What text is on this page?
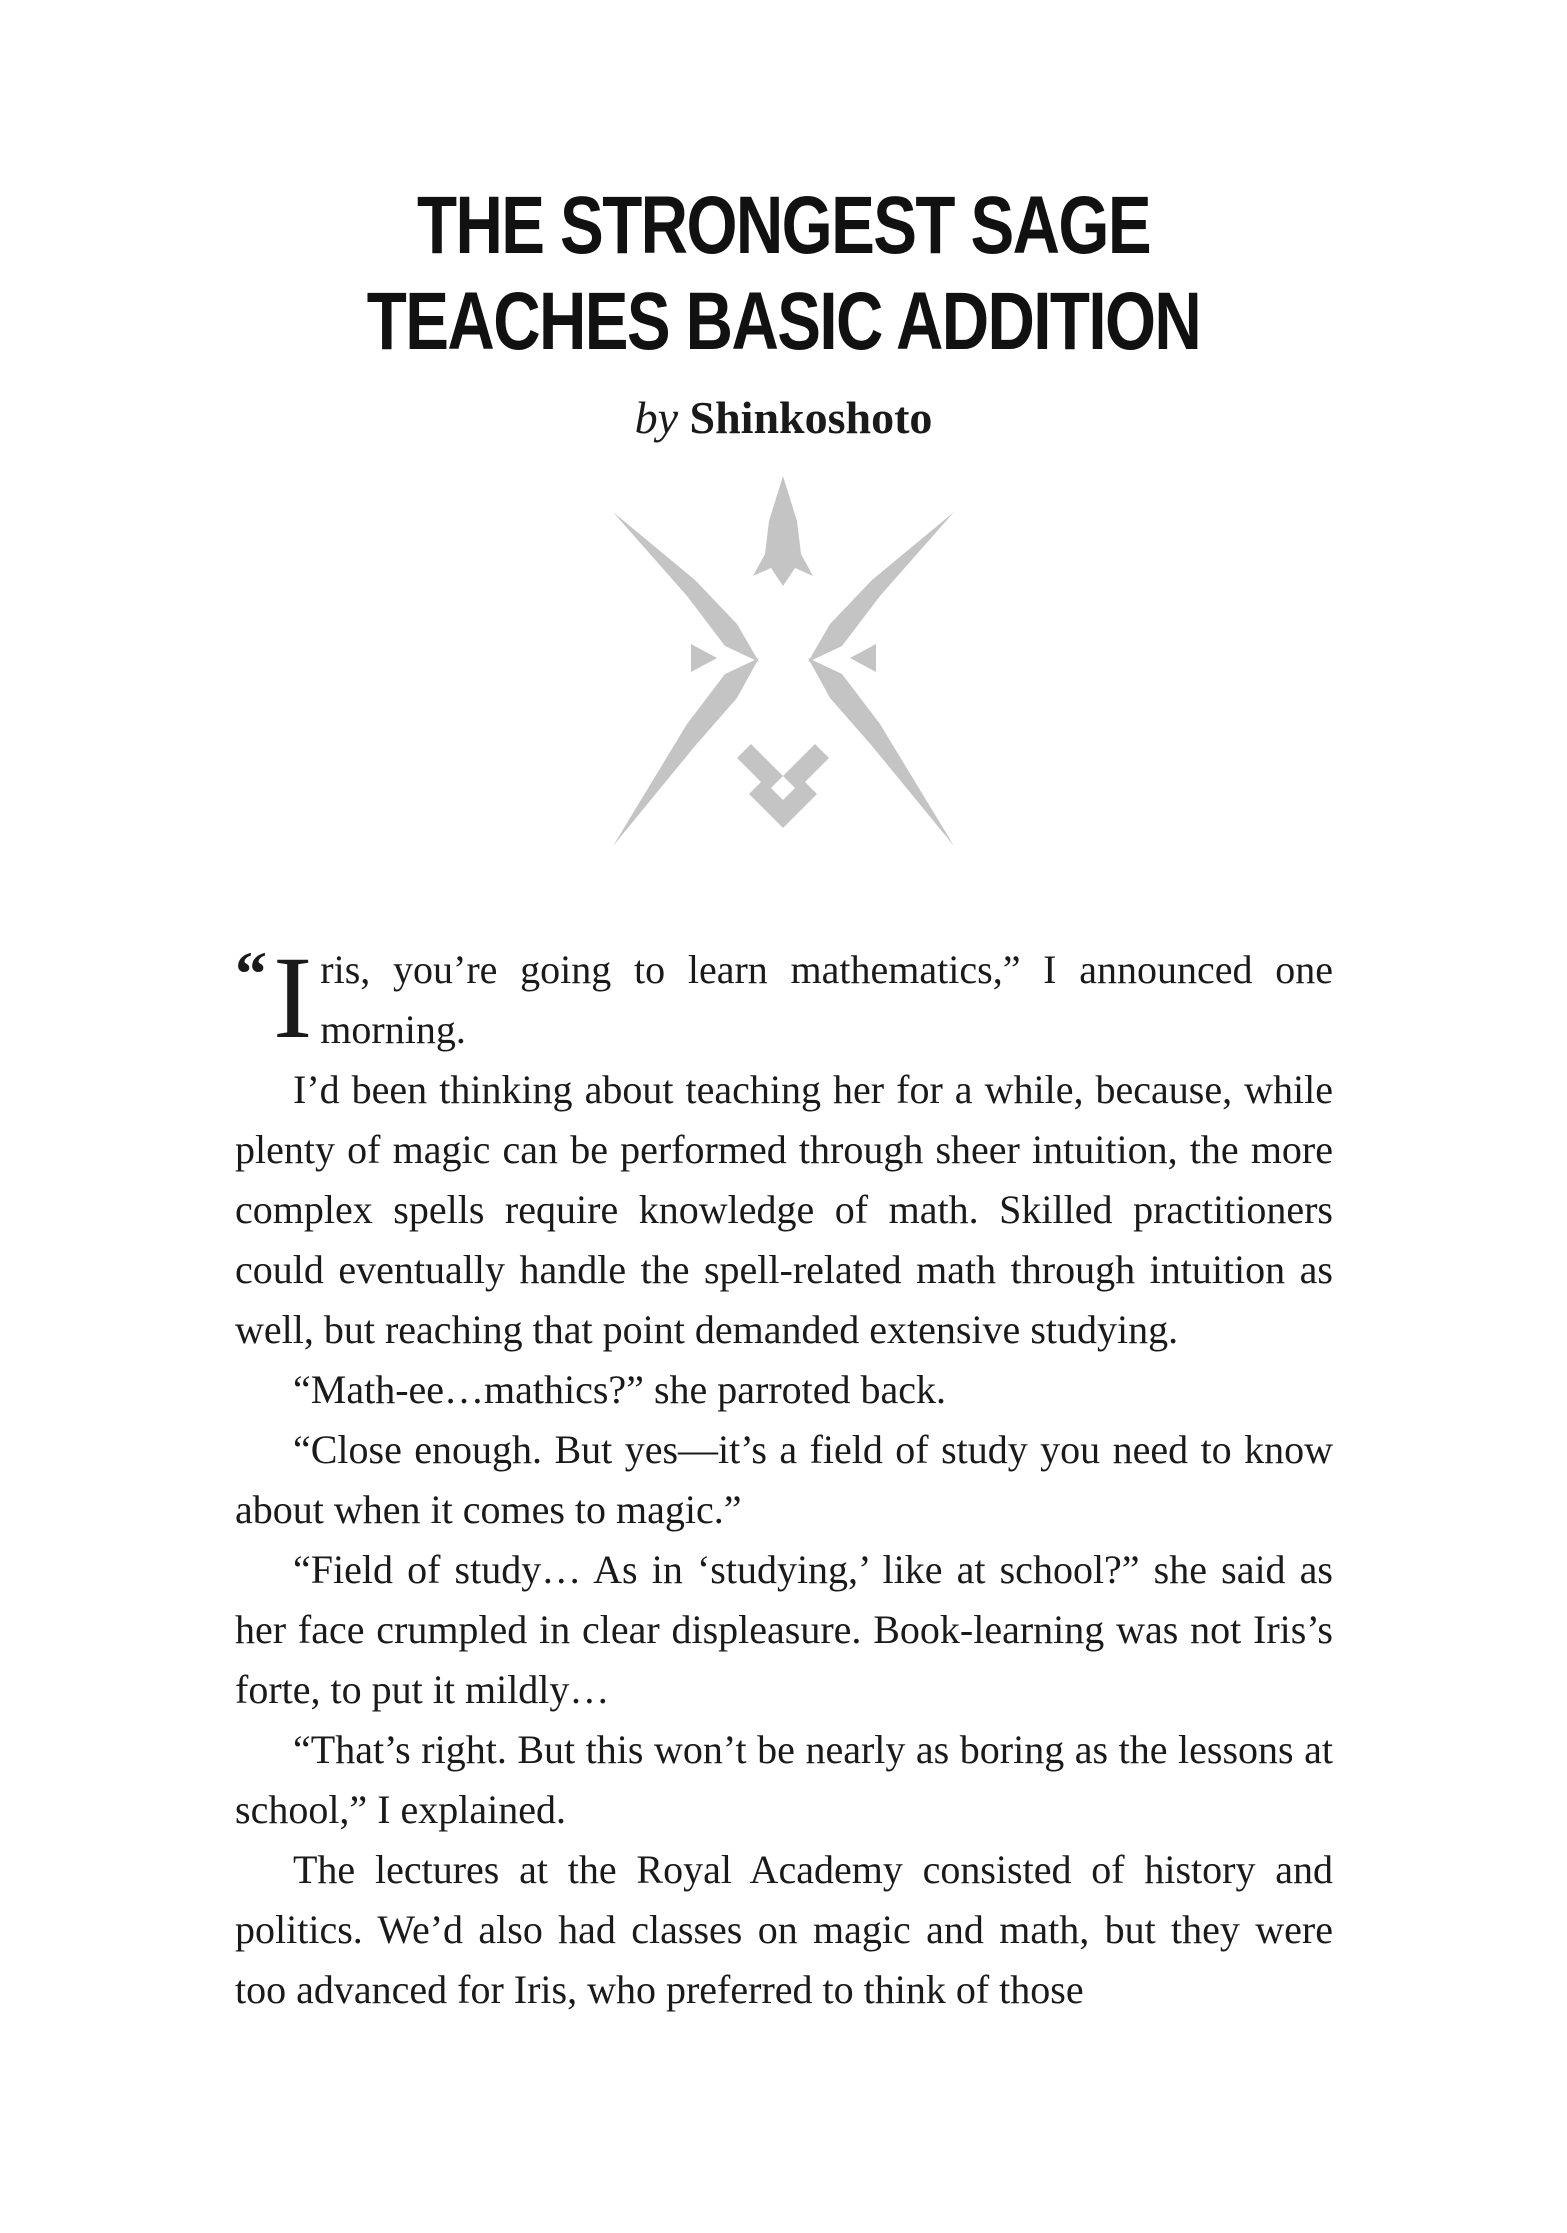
THE STRONGEST SAGE
TEACHES BASIC ADDITION
by Shinkoshoto

“ I ris, you’re going to learn mathematics,” I announced one morning.

I’d been thinking about teaching her for a while, because, while plenty of magic can be performed through sheer intuition, the more complex spells require knowledge of math. Skilled practitioners could eventually handle the spell-related math through intuition as well, but reaching that point demanded extensive studying.

“Math-ee…mathics?” she parroted back.

“Close enough. But yes—it’s a field of study you need to know about when it comes to magic.”

“Field of study… As in ‘studying,’ like at school?” she said as her face crumpled in clear displeasure. Book-learning was not Iris’s forte, to put it mildly…

“That’s right. But this won’t be nearly as boring as the lessons at school,” I explained.

The lectures at the Royal Academy consisted of history and politics. We’d also had classes on magic and math, but they were too advanced for Iris, who preferred to think of those
